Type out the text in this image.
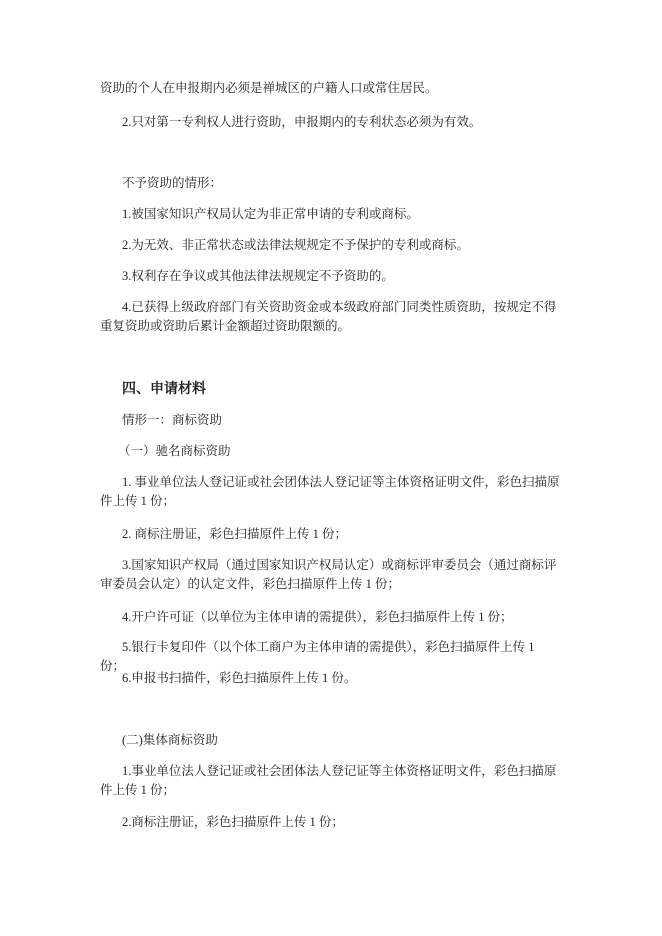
资助的个人在申报期内必须是禅城区的户籍人口或常住居民。

2.只对第一专利权人进行资助，申报期内的专利状态必须为有效。

不予资助的情形：

1.被国家知识产权局认定为非正常申请的专利或商标。

2.为无效、非正常状态或法律法规规定不予保护的专利或商标。

3.权利存在争议或其他法律法规规定不予资助的。

4.已获得上级政府部门有关资助资金或本级政府部门同类性质资助，按规定不得重复资助或资助后累计金额超过资助限额的。

四、申请材料

情形一：商标资助

（一）驰名商标资助

1. 事业单位法人登记证或社会团体法人登记证等主体资格证明文件，彩色扫描原件上传 1 份；

2. 商标注册证，彩色扫描原件上传 1 份；

3.国家知识产权局（通过国家知识产权局认定）或商标评审委员会（通过商标评审委员会认定）的认定文件，彩色扫描原件上传 1 份；

4.开户许可证（以单位为主体申请的需提供），彩色扫描原件上传 1 份；

5.银行卡复印件（以个体工商户为主体申请的需提供），彩色扫描原件上传 1 份；

6.申报书扫描件，彩色扫描原件上传 1 份。

(二)集体商标资助

1.事业单位法人登记证或社会团体法人登记证等主体资格证明文件，彩色扫描原件上传 1 份；

2.商标注册证，彩色扫描原件上传 1 份；
